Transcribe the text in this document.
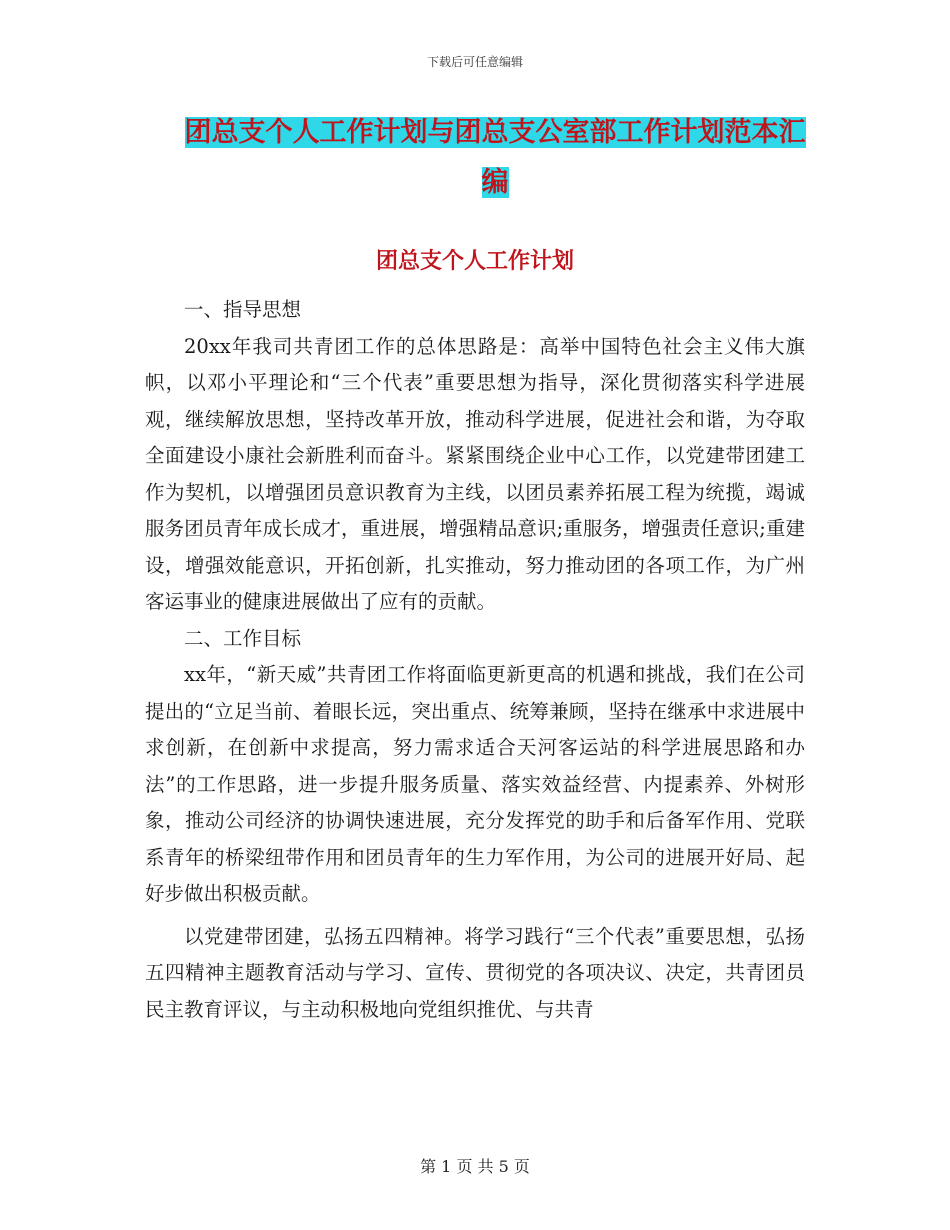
下载后可任意编辑
团总支个人工作计划与团总支公室部工作计划范本汇编
团总支个人工作计划

一、指导思想

20xx年我司共青团工作的总体思路是：高举中国特色社会主义伟大旗帜，以邓小平理论和“三个代表”重要思想为指导，深化贯彻落实科学进展观，继续解放思想，坚持改革开放，推动科学进展，促进社会和谐，为夺取全面建设小康社会新胜利而奋斗。紧紧围绕企业中心工作，以党建带团建工作为契机，以增强团员意识教育为主线，以团员素养拓展工程为统揽，竭诚服务团员青年成长成才，重进展，增强精品意识;重服务，增强责任意识;重建设，增强效能意识，开拓创新，扎实推动，努力推动团的各项工作，为广州客运事业的健康进展做出了应有的贡献。

二、工作目标

xx年，“新天威”共青团工作将面临更新更高的机遇和挑战，我们在公司提出的“立足当前、着眼长远，突出重点、统筹兼顾，坚持在继承中求进展中求创新，在创新中求提高，努力需求适合天河客运站的科学进展思路和办法”的工作思路，进一步提升服务质量、落实效益经营、内提素养、外树形象，推动公司经济的协调快速进展，充分发挥党的助手和后备军作用、党联系青年的桥梁纽带作用和团员青年的生力军作用，为公司的进展开好局、起好步做出积极贡献。

以党建带团建，弘扬五四精神。将学习践行“三个代表”重要思想，弘扬五四精神主题教育活动与学习、宣传、贯彻党的各项决议、决定，共青团员民主教育评议，与主动积极地向党组织推优、与共青

第 1 页 共 5 页
